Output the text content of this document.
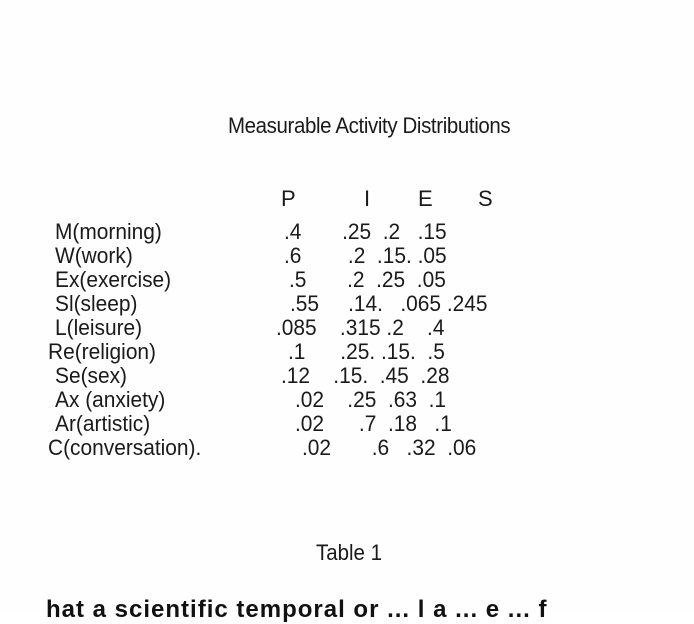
Measurable Activity Distributions
P	I E S
M(morning)	.4       .25  .2   .15
W(work)	.6        .2  .15. .05
Ex(exercise)	.5       .2  .25  .05
Sl(sleep)	.55     .14.   .065 .245
L(leisure)	.085    .315 .2    .4
Re(religion)	.1      .25. .15.  .5
Se(sex)	.12    .15.  .45  .28
Ax (anxiety)	.02    .25  .63  .1
Ar(artistic)	.02      .7  .18   .1
C(conversation).	.02       .6   .32  .06
Table 1
hat a scientific temporal or ... l a ... e ... f
